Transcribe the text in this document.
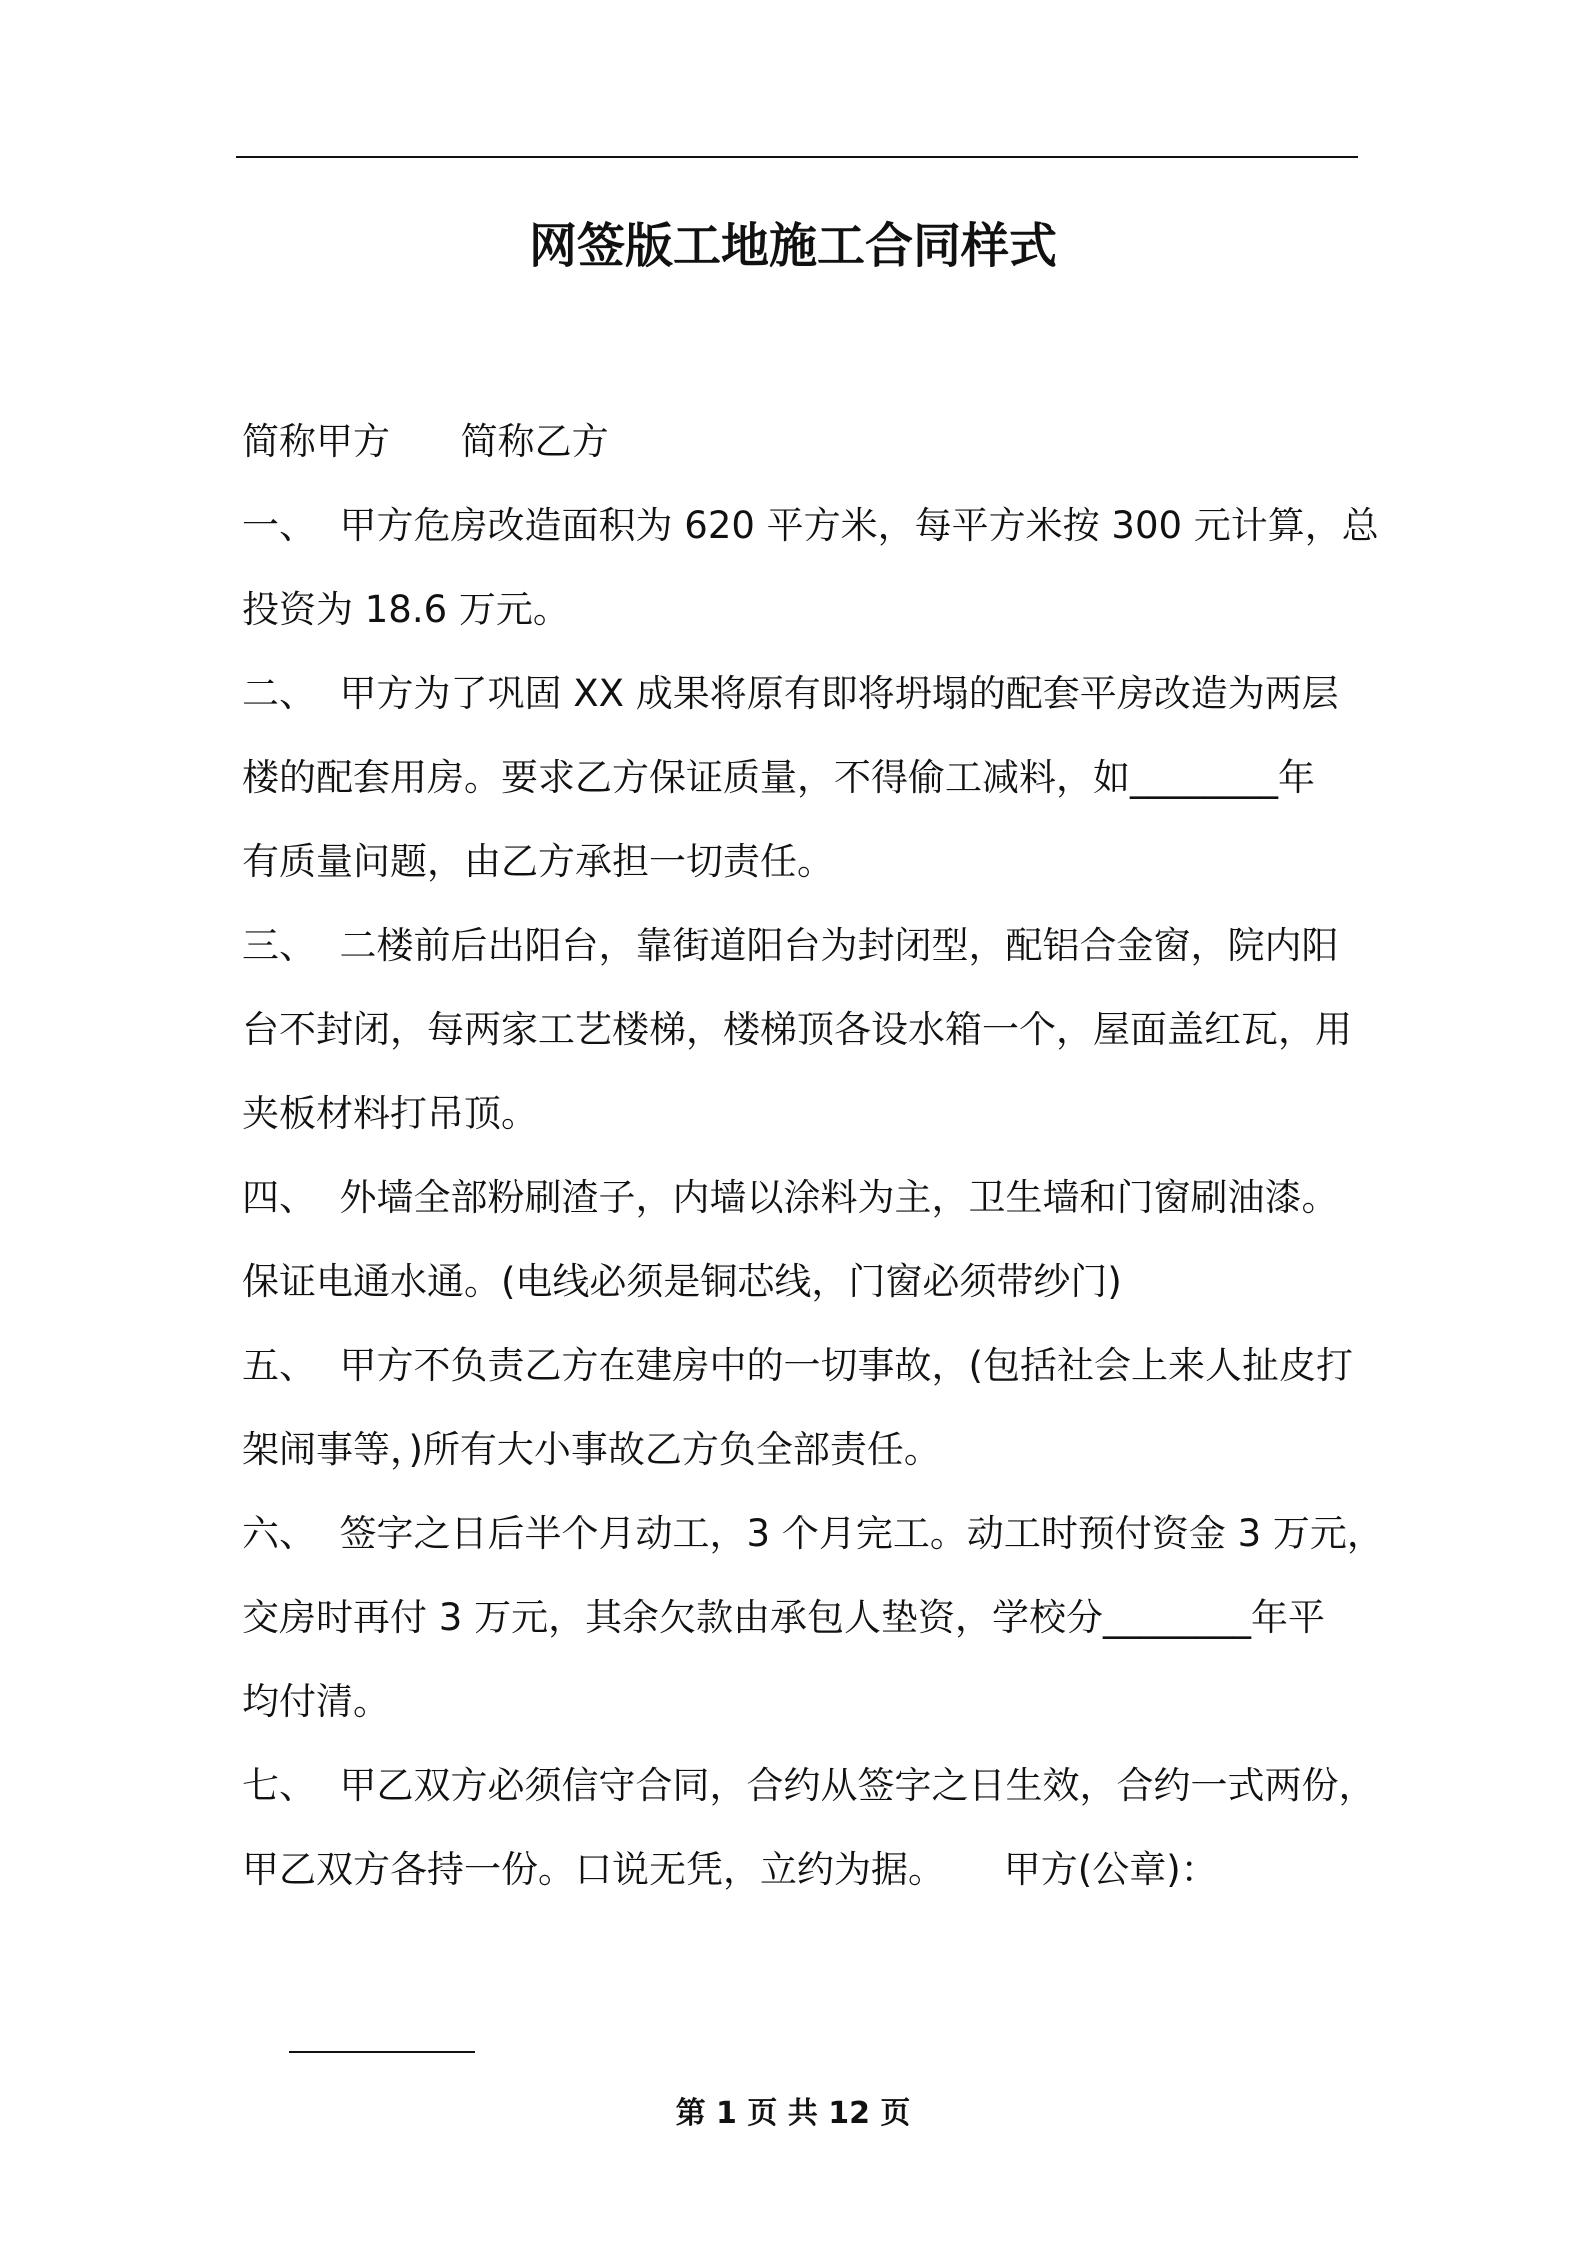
网签版工地施工合同样式
简称甲方      简称乙方
一、  甲方危房改造面积为 620 平方米，每平方米按 300 元计算，总
投资为 18.6 万元。
二、  甲方为了巩固 XX 成果将原有即将坍塌的配套平房改造为两层
楼的配套用房。要求乙方保证质量，不得偷工减料，如________年
有质量问题，由乙方承担一切责任。
三、  二楼前后出阳台，靠街道阳台为封闭型，配铝合金窗，院内阳
台不封闭，每两家工艺楼梯，楼梯顶各设水箱一个，屋面盖红瓦，用
夹板材料打吊顶。
四、  外墙全部粉刷渣子，内墙以涂料为主，卫生墙和门窗刷油漆。
保证电通水通。(电线必须是铜芯线，门窗必须带纱门)
五、  甲方不负责乙方在建房中的一切事故，(包括社会上来人扯皮打
架闹事等，)所有大小事故乙方负全部责任。
六、  签字之日后半个月动工，3 个月完工。动工时预付资金 3 万元，
交房时再付 3 万元，其余欠款由承包人垫资，学校分________年平
均付清。
七、  甲乙双方必须信守合同，合约从签字之日生效，合约一式两份，
甲乙双方各持一份。口说无凭，立约为据。     甲方(公章)：

第 1 页 共 12 页
